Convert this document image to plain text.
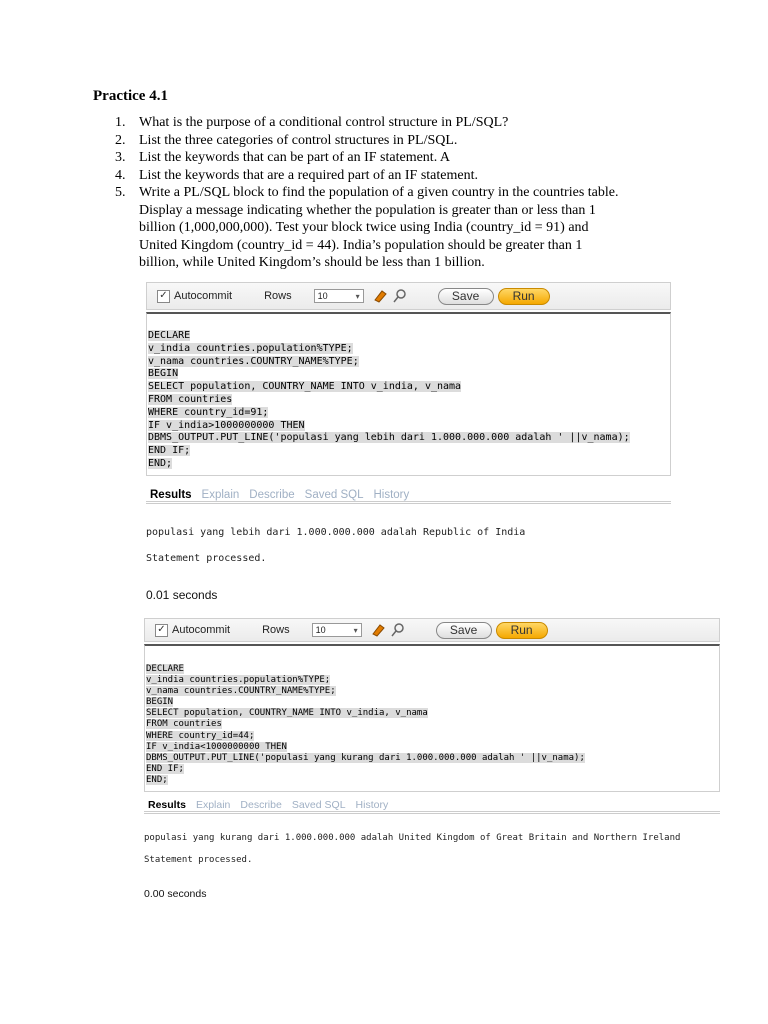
Practice 4.1
1. What is the purpose of a conditional control structure in PL/SQL?
2. List the three categories of control structures in PL/SQL.
3. List the keywords that can be part of an IF statement. A
4. List the keywords that are a required part of an IF statement.
5. Write a PL/SQL block to find the population of a given country in the countries table.
Display a message indicating whether the population is greater than or less than 1
billion (1,000,000,000). Test your block twice using India (country_id = 91) and
United Kingdom (country_id = 44). India’s population should be greater than 1
billion, while United Kingdom’s should be less than 1 billion.
✓ Autocommit	Rows	10	▾	Save	Run
DECLARE
v_india countries.population%TYPE;
v_nama countries.COUNTRY_NAME%TYPE;
BEGIN
SELECT population, COUNTRY_NAME INTO v_india, v_nama
FROM countries
WHERE country_id=91;
IF v_india>1000000000 THEN
DBMS_OUTPUT.PUT_LINE('populasi yang lebih dari 1.000.000.000 adalah ' ||v_nama);
END IF;
END;
Results Explain Describe Saved SQL History
populasi yang lebih dari 1.000.000.000 adalah Republic of India
Statement processed.
0.01 seconds
✓ Autocommit	Rows	10	▾	Save	Run
DECLARE
v_india countries.population%TYPE;
v_nama countries.COUNTRY_NAME%TYPE;
BEGIN
SELECT population, COUNTRY_NAME INTO v_india, v_nama
FROM countries
WHERE country_id=44;
IF v_india<1000000000 THEN
DBMS_OUTPUT.PUT_LINE('populasi yang kurang dari 1.000.000.000 adalah ' ||v_nama);
END IF;
END;
Results Explain Describe Saved SQL History
populasi yang kurang dari 1.000.000.000 adalah United Kingdom of Great Britain and Northern Ireland
Statement processed.
0.00 seconds
